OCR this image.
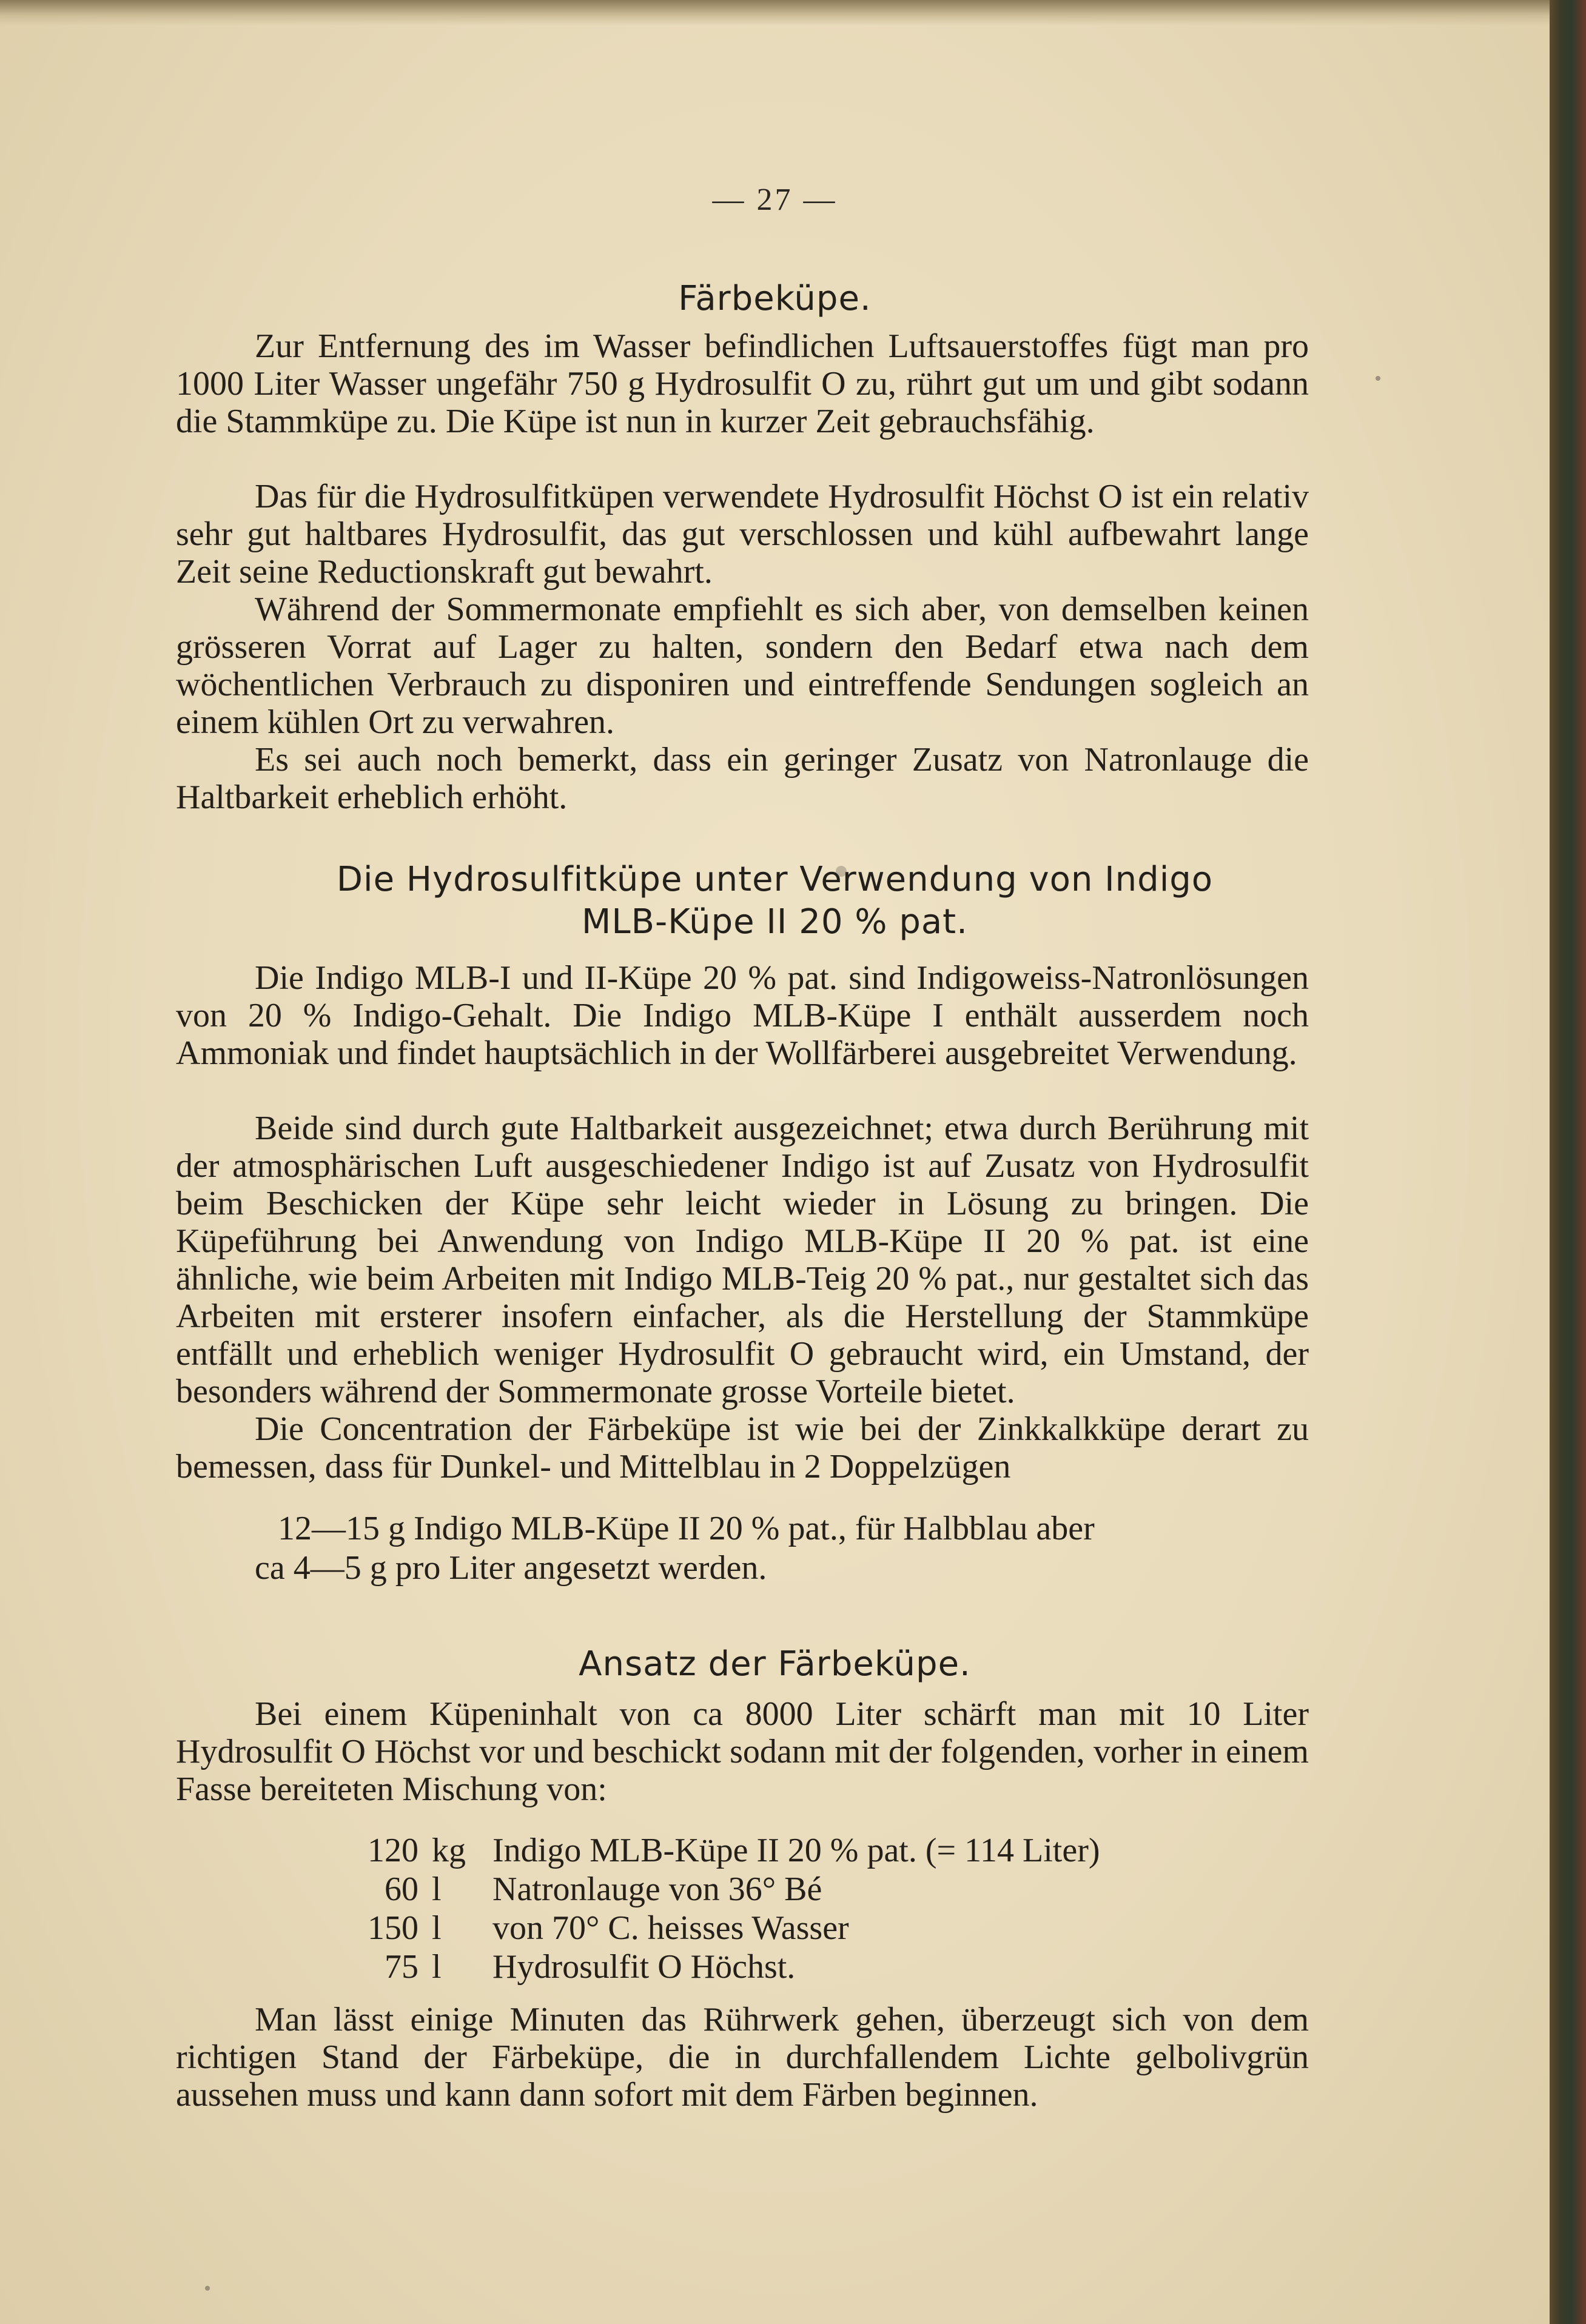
— 27 —
Färbeküpe.

Zur Entfernung des im Wasser befindlichen Luftsauerstoffes fügt man pro 1000 Liter Wasser ungefähr 750 g Hydrosulfit O zu, rührt gut um und gibt sodann die Stammküpe zu. Die Küpe ist nun in kurzer Zeit gebrauchsfähig.

Das für die Hydrosulfitküpen verwendete Hydrosulfit Höchst O ist ein relativ sehr gut haltbares Hydrosulfit, das gut verschlossen und kühl aufbewahrt lange Zeit seine Reductionskraft gut bewahrt.

Während der Sommermonate empfiehlt es sich aber, von demselben keinen grösseren Vorrat auf Lager zu halten, sondern den Bedarf etwa nach dem wöchentlichen Verbrauch zu disponiren und eintreffende Sendungen sogleich an einem kühlen Ort zu verwahren.

Es sei auch noch bemerkt, dass ein geringer Zusatz von Natronlauge die Haltbarkeit erheblich erhöht.

Die Hydrosulfitküpe unter Verwendung von Indigo
MLB-Küpe II 20 % pat.

Die Indigo MLB-I und II-Küpe 20 % pat. sind Indigoweiss-Natronlösungen von 20 % Indigo-Gehalt. Die Indigo MLB-Küpe I enthält ausserdem noch Ammoniak und findet hauptsächlich in der Wollfärberei ausgebreitet Verwendung.

Beide sind durch gute Haltbarkeit ausgezeichnet; etwa durch Berührung mit der atmosphärischen Luft ausgeschiedener Indigo ist auf Zusatz von Hydrosulfit beim Beschicken der Küpe sehr leicht wieder in Lösung zu bringen. Die Küpeführung bei Anwendung von Indigo MLB-Küpe II 20 % pat. ist eine ähnliche, wie beim Arbeiten mit Indigo MLB-Teig 20 % pat., nur gestaltet sich das Arbeiten mit ersterer insofern einfacher, als die Herstellung der Stammküpe entfällt und erheblich weniger Hydrosulfit O gebraucht wird, ein Umstand, der besonders während der Sommermonate grosse Vorteile bietet.

Die Concentration der Färbeküpe ist wie bei der Zinkkalkküpe derart zu bemessen, dass für Dunkel- und Mittelblau in 2 Doppelzügen

12—15 g Indigo MLB-Küpe II 20 % pat., für Halbblau aber
ca 4—5 g pro Liter angesetzt werden.
Ansatz der Färbeküpe.

Bei einem Küpeninhalt von ca 8000 Liter schärft man mit 10 Liter Hydrosulfit O Höchst vor und beschickt sodann mit der folgenden, vorher in einem Fasse bereiteten Mischung von:

120 kg Indigo MLB-Küpe II 20 % pat. (= 114 Liter)
60 l	Natronlauge von 36° Bé
150 l	von 70° C. heisses Wasser
75 l	Hydrosulfit O Höchst.

Man lässt einige Minuten das Rührwerk gehen, überzeugt sich von dem richtigen Stand der Färbeküpe, die in durchfallendem Lichte gelbolivgrün aussehen muss und kann dann sofort mit dem Färben beginnen.
